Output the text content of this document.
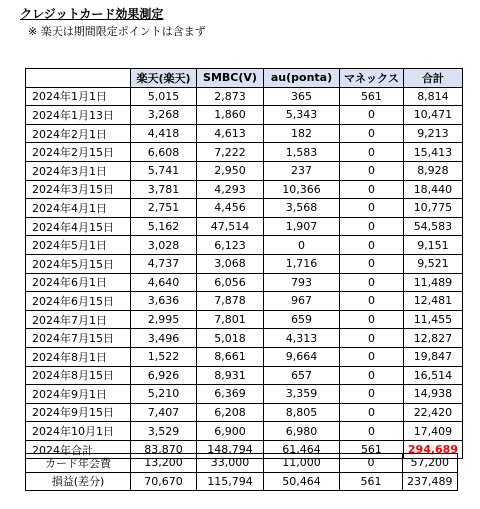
クレジットカード効果測定
※ 楽天は期間限定ポイントは含まず
	楽天(楽天)	SMBC(V)	au(ponta)	マネックス	合計
2024年1月1日	5,015	2,873	365	561	8,814
2024年1月13日	3,268	1,860	5,343	0	10,471
2024年2月1日	4,418	4,613	182	0	9,213
2024年2月15日	6,608	7,222	1,583	0	15,413
2024年3月1日	5,741	2,950	237	0	8,928
2024年3月15日	3,781	4,293	10,366	0	18,440
2024年4月1日	2,751	4,456	3,568	0	10,775
2024年4月15日	5,162	47,514	1,907	0	54,583
2024年5月1日	3,028	6,123	0	0	9,151
2024年5月15日	4,737	3,068	1,716	0	9,521
2024年6月1日	4,640	6,056	793	0	11,489
2024年6月15日	3,636	7,878	967	0	12,481
2024年7月1日	2,995	7,801	659	0	11,455
2024年7月15日	3,496	5,018	4,313	0	12,827
2024年8月1日	1,522	8,661	9,664	0	19,847
2024年8月15日	6,926	8,931	657	0	16,514
2024年9月1日	5,210	6,369	3,359	0	14,938
2024年9月15日	7,407	6,208	8,805	0	22,420
2024年10月1日	3,529	6,900	6,980	0	17,409
2024年合計	83,870	148,794	61,464	561	294,689
カード年会費	13,200	33,000	11,000	0	57,200
損益(差分)	70,670	115,794	50,464	561	237,489
